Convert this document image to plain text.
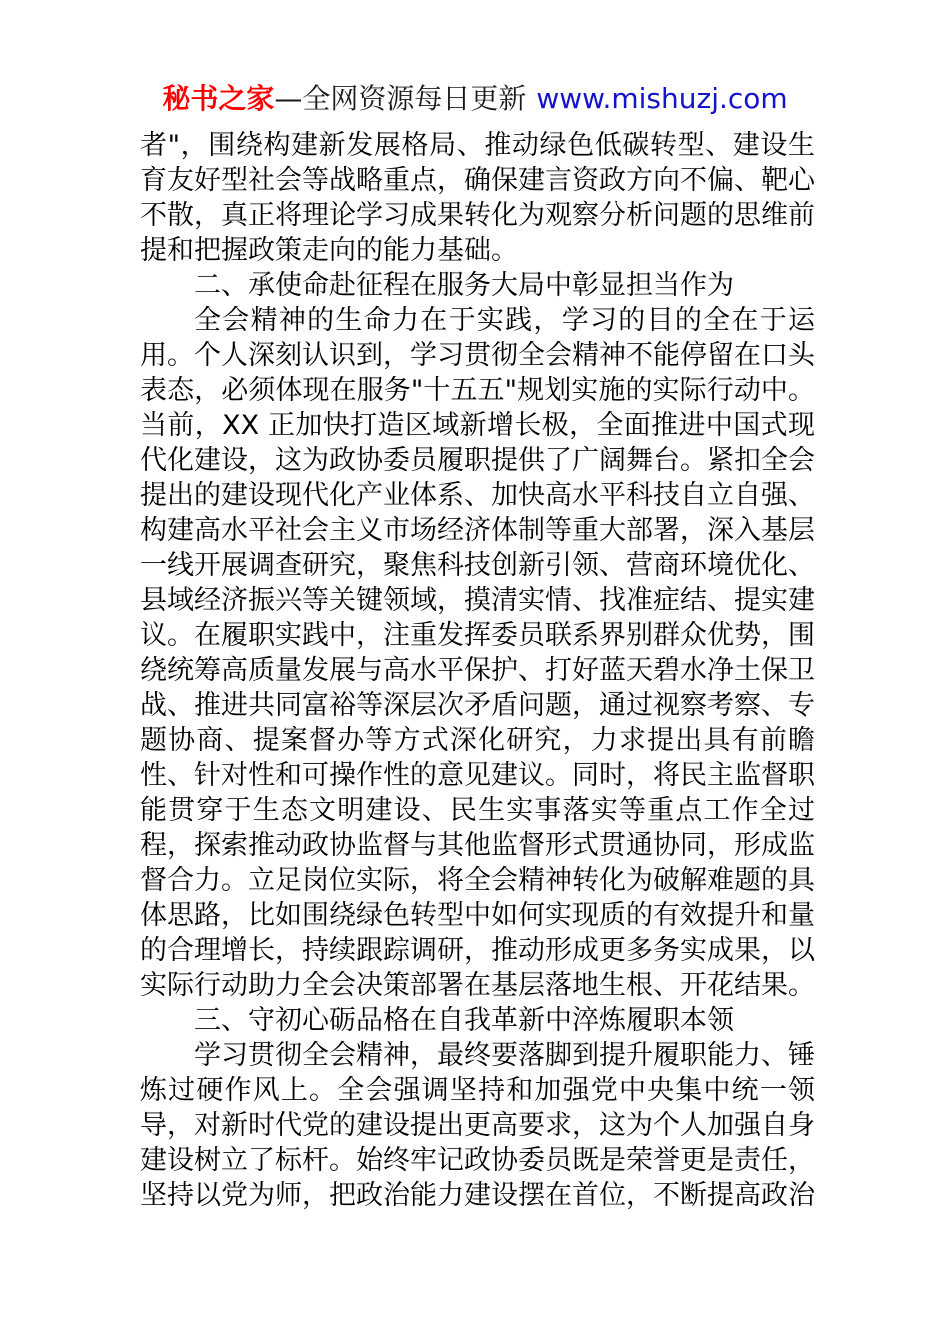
秘书之家—全网资源每日更新 www.mishuzj.com

者"，围绕构建新发展格局、推动绿色低碳转型、建设生育友好型社会等战略重点，确保建言资政方向不偏、靶心不散，真正将理论学习成果转化为观察分析问题的思维前提和把握政策走向的能力基础。

二、承使命赴征程在服务大局中彰显担当作为

全会精神的生命力在于实践，学习的目的全在于运用。个人深刻认识到，学习贯彻全会精神不能停留在口头表态，必须体现在服务"十五五"规划实施的实际行动中。当前，XX 正加快打造区域新增长极，全面推进中国式现代化建设，这为政协委员履职提供了广阔舞台。紧扣全会提出的建设现代化产业体系、加快高水平科技自立自强、构建高水平社会主义市场经济体制等重大部署，深入基层一线开展调查研究，聚焦科技创新引领、营商环境优化、县域经济振兴等关键领域，摸清实情、找准症结、提实建议。在履职实践中，注重发挥委员联系界别群众优势，围绕统筹高质量发展与高水平保护、打好蓝天碧水净土保卫战、推进共同富裕等深层次矛盾问题，通过视察考察、专题协商、提案督办等方式深化研究，力求提出具有前瞻性、针对性和可操作性的意见建议。同时，将民主监督职能贯穿于生态文明建设、民生实事落实等重点工作全过程，探索推动政协监督与其他监督形式贯通协同，形成监督合力。立足岗位实际，将全会精神转化为破解难题的具体思路，比如围绕绿色转型中如何实现质的有效提升和量的合理增长，持续跟踪调研，推动形成更多务实成果，以实际行动助力全会决策部署在基层落地生根、开花结果。

三、守初心砺品格在自我革新中淬炼履职本领

学习贯彻全会精神，最终要落脚到提升履职能力、锤炼过硬作风上。全会强调坚持和加强党中央集中统一领导，对新时代党的建设提出更高要求，这为个人加强自身建设树立了标杆。始终牢记政协委员既是荣誉更是责任，坚持以党为师，把政治能力建设摆在首位，不断提高政治
